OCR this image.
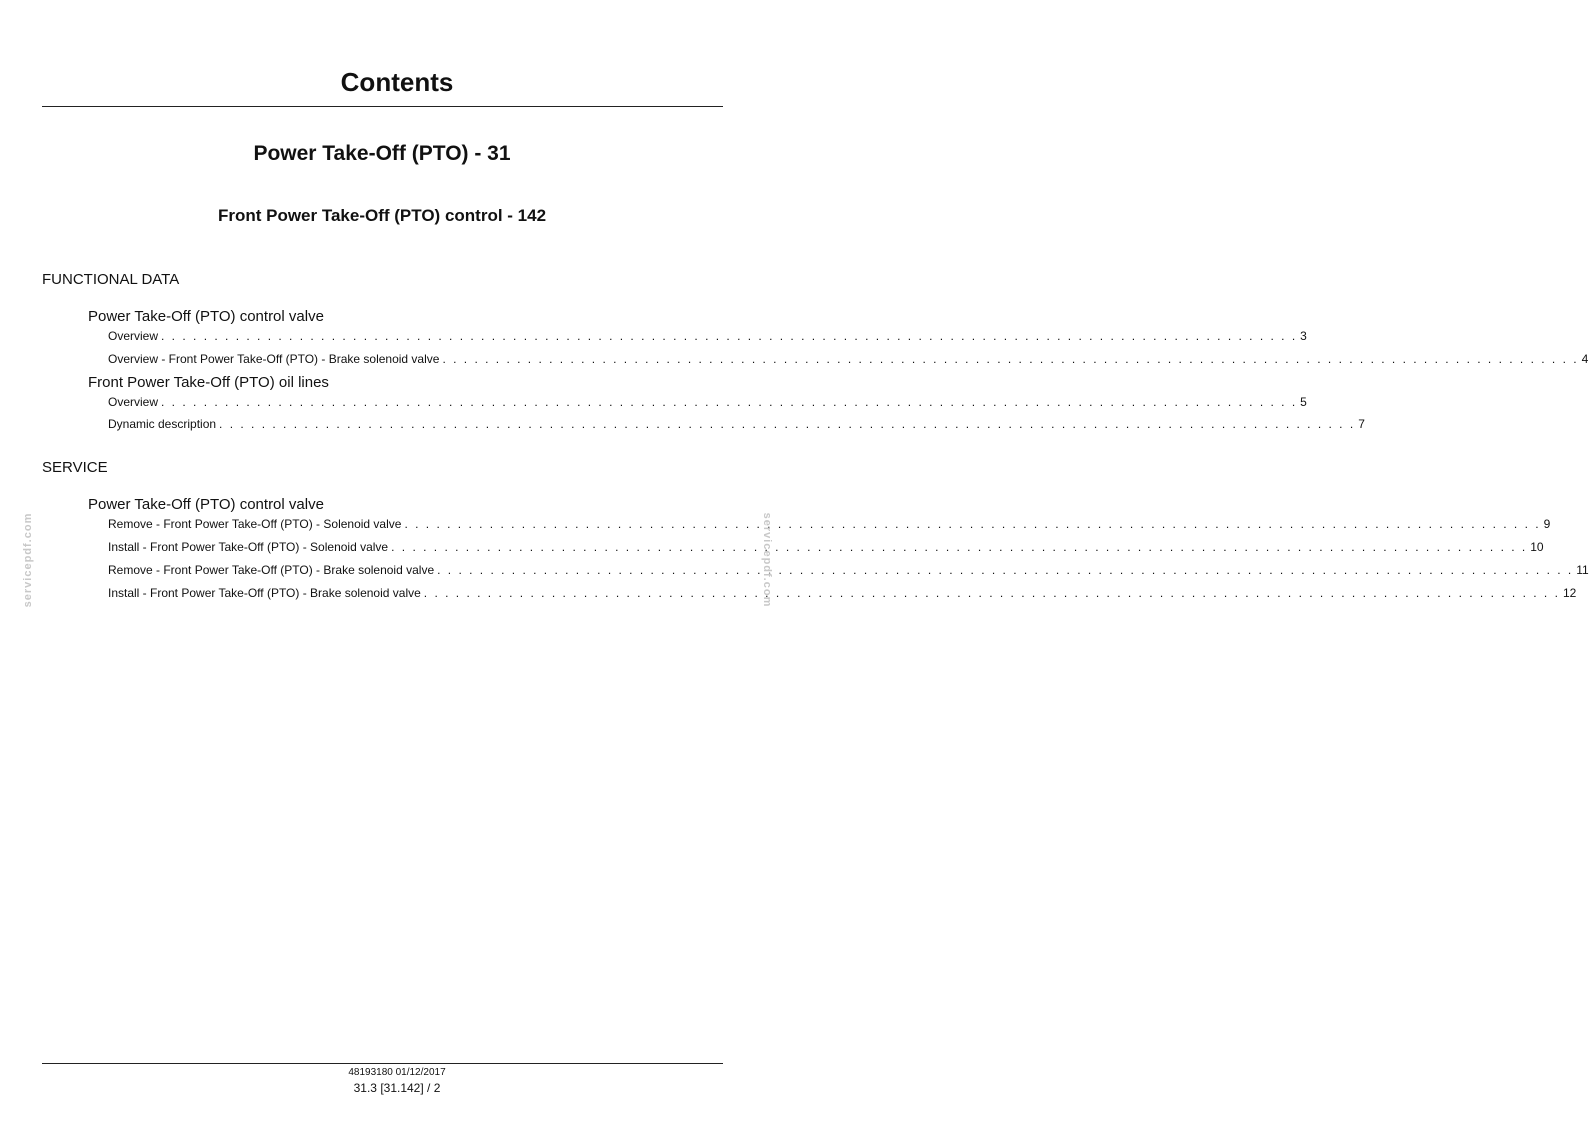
Contents
Power Take-Off (PTO) - 31
Front Power Take-Off (PTO) control - 142
FUNCTIONAL DATA
Power Take-Off (PTO) control valve
Overview . . . . . . . . . . . . . . . . . . . . . . . . . . . . . . . . . . . . . . . . . . . . . . . . . . . . . . . . . . . . . . . . . . . . . . . . . . . . . . . . . . . . . . . . . . . . . . . . . . . . . . . . . . . 3
Overview - Front Power Take-Off (PTO) - Brake solenoid valve . . . . . . . . . . . . . . . . . . . . . . . . . . . . . . . . . . . . . . . . . . . . . . . . . . . . . . . . . . . . . . . . . . . . . . . . . . . . . . . . . . . . . . . . . . . . . . . . . . . . . . . . . . . 4
Front Power Take-Off (PTO) oil lines
Overview . . . . . . . . . . . . . . . . . . . . . . . . . . . . . . . . . . . . . . . . . . . . . . . . . . . . . . . . . . . . . . . . . . . . . . . . . . . . . . . . . . . . . . . . . . . . . . . . . . . . . . . . . . . 5
Dynamic description . . . . . . . . . . . . . . . . . . . . . . . . . . . . . . . . . . . . . . . . . . . . . . . . . . . . . . . . . . . . . . . . . . . . . . . . . . . . . . . . . . . . . . . . . . . . . . . . . . . . . . . . . . . 7
SERVICE
Power Take-Off (PTO) control valve
Remove - Front Power Take-Off (PTO) - Solenoid valve . . . . . . . . . . . . . . . . . . . . . . . . . . . . . . . . . . . . . . . . . . . . . . . . . . . . . . . . . . . . . . . . . . . . . . . . . . . . . . . . . . . . . . . . . . . . . . . . . . . . . . . . . . . 9
Install - Front Power Take-Off (PTO) - Solenoid valve . . . . . . . . . . . . . . . . . . . . . . . . . . . . . . . . . . . . . . . . . . . . . . . . . . . . . . . . . . . . . . . . . . . . . . . . . . . . . . . . . . . . . . . . . . . . . . . . . . . . . . . . . . . 10
Remove - Front Power Take-Off (PTO) - Brake solenoid valve . . . . . . . . . . . . . . . . . . . . . . . . . . . . . . . . . . . . . . . . . . . . . . . . . . . . . . . . . . . . . . . . . . . . . . . . . . . . . . . . . . . . . . . . . . . . . . . . . . . . . . . . . . . 11
Install - Front Power Take-Off (PTO) - Brake solenoid valve . . . . . . . . . . . . . . . . . . . . . . . . . . . . . . . . . . . . . . . . . . . . . . . . . . . . . . . . . . . . . . . . . . . . . . . . . . . . . . . . . . . . . . . . . . . . . . . . . . . . . . . . . . . 12
servicepdf.com	servicepdf.com
48193180 01/12/2017
31.3 [31.142] / 2
